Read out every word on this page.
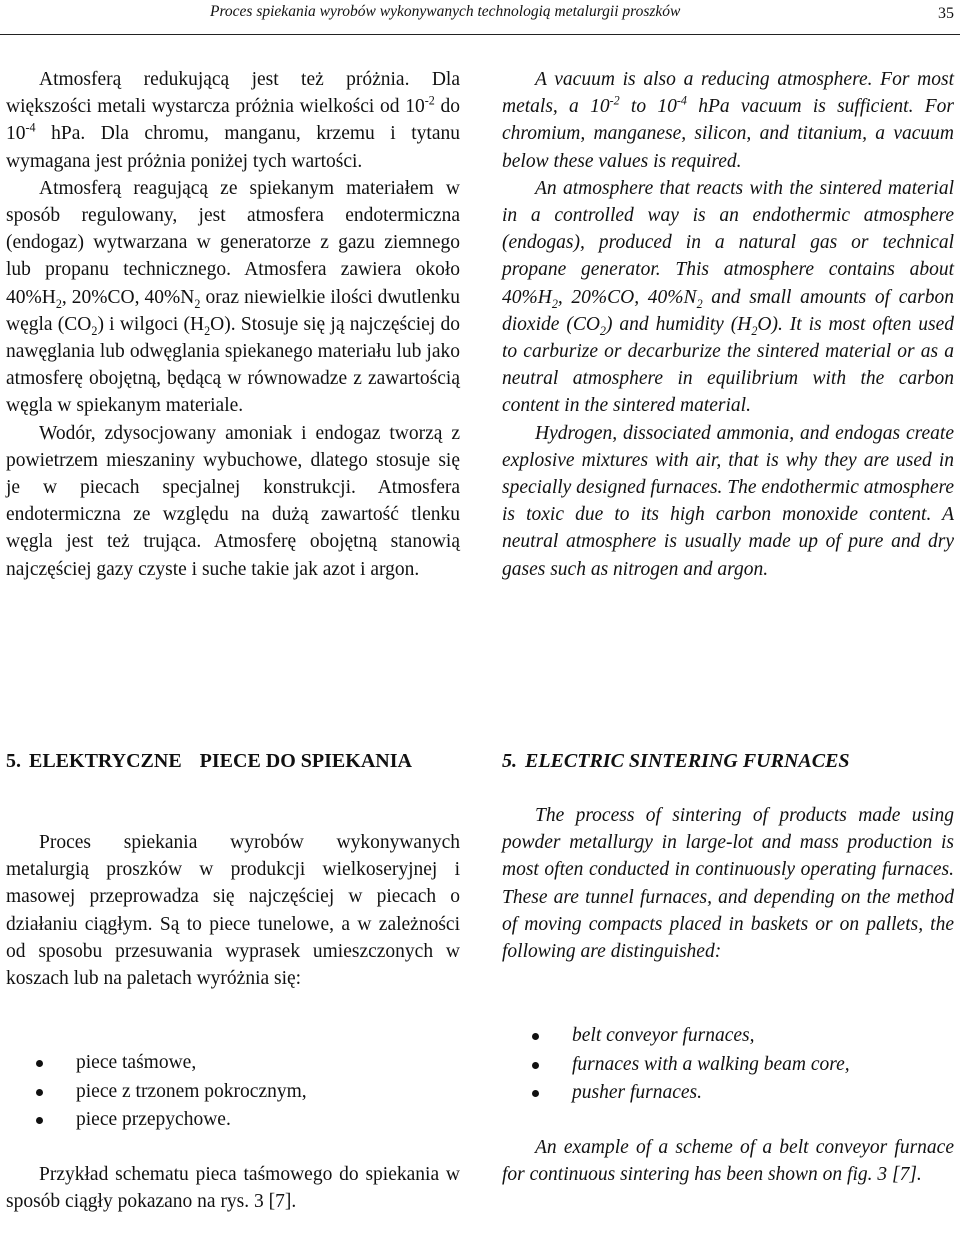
Proces spiekania wyrobów wykonywanych technologią metalurgii proszków	35

Atmosferą redukującą jest też próżnia. Dla większości metali wystarcza próżnia wielkości od $10^{-2}$ do $10^{-4}$ hPa. Dla chromu, manganu, krzemu i tytanu wymagana jest próżnia poniżej tych wartości.

Atmosferą reagującą ze spiekanym materiałem w sposób regulowany, jest atmosfera endotermiczna (endogaz) wytwarzana w generatorze z gazu ziemnego lub propanu technicznego. Atmosfera zawiera około $40\%H_2$, 20%CO, $40\%N_2$ oraz niewielkie ilości dwutlenku węgla $(CO_2)$ i wilgoci $(H_2O)$. Stosuje się ją najczęściej do nawęglania lub odwęglania spiekanego materiału lub jako atmosferę obojętną, będącą w równowadze z zawartością węgla w spiekanym materiale.

Wodór, zdysocjowany amoniak i endogaz tworzą z powietrzem mieszaniny wybuchowe, dlatego stosuje się je w piecach specjalnej konstrukcji. Atmosfera endotermiczna ze względu na dużą zawartość tlenku węgla jest też trująca. Atmosferę obojętną stanowią najczęściej gazy czyste i suche takie jak azot i argon.

A vacuum is also a reducing atmosphere. For most metals, a $10^{-2}$ to $10^{-4}$ hPa vacuum is sufficient. For chromium, manganese, silicon, and titanium, a vacuum below these values is required.

An atmosphere that reacts with the sintered material in a controlled way is an endothermic atmosphere (endogas), produced in a natural gas or technical propane generator. This atmosphere contains about $40\%H_2$, 20%CO, $40\%N_2$ and small amounts of carbon dioxide $(CO_2)$ and humidity $(H_2O)$. It is most often used to carburize or decarburize the sintered material or as a neutral atmosphere in equilibrium with the carbon content in the sintered material.

Hydrogen, dissociated ammonia, and endogas create explosive mixtures with air, that is why they are used in specially designed furnaces. The endothermic atmosphere is toxic due to its high carbon monoxide content. A neutral atmosphere is usually made up of pure and dry gases such as nitrogen and argon.

5. ELEKTRYCZNE PIECE DO SPIEKANIA	5. ELECTRIC SINTERING FURNACES

Proces spiekania wyrobów wykonywanych metalurgią proszków w produkcji wielkoseryjnej i masowej przeprowadza się najczęściej w piecach o działaniu ciągłym. Są to piece tunelowe, a w zależności od sposobu przesuwania wyprasek umieszczonych w koszach lub na paletach wyróżnia się:

The process of sintering of products made using powder metallurgy in large-lot and mass production is most often conducted in continuously operating furnaces. These are tunnel furnaces, and depending on the method of moving compacts placed in baskets or on pallets, the following are distinguished:

piece taśmowe,
piece z trzonem pokrocznym,
piece przepychowe.
belt conveyor furnaces,
furnaces with a walking beam core,
pusher furnaces.

Przykład schematu pieca taśmowego do spiekania w sposób ciągły pokazano na rys. 3 [7].

An example of a scheme of a belt conveyor furnace for continuous sintering has been shown on fig. 3 [7].
